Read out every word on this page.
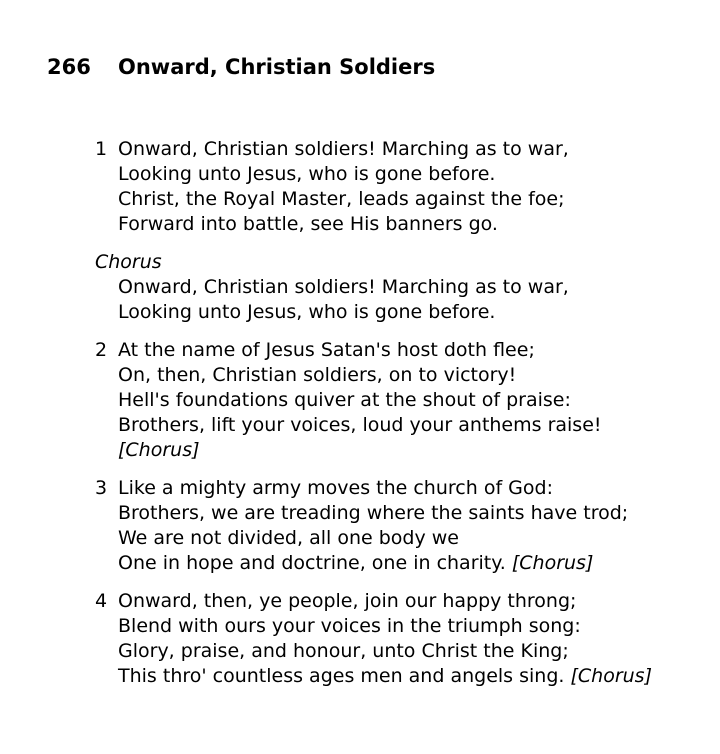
266 Onward, Christian Soldiers
1 Onward, Christian soldiers! Marching as to war,
Looking unto Jesus, who is gone before.
Christ, the Royal Master, leads against the foe;
Forward into battle, see His banners go.
Chorus
Onward, Christian soldiers! Marching as to war,
Looking unto Jesus, who is gone before.
2 At the name of Jesus Satan's host doth flee;
On, then, Christian soldiers, on to victory!
Hell's foundations quiver at the shout of praise:
Brothers, lift your voices, loud your anthems raise!
[Chorus]
3 Like a mighty army moves the church of God:
Brothers, we are treading where the saints have trod;
We are not divided, all one body we
One in hope and doctrine, one in charity. [Chorus]
4 Onward, then, ye people, join our happy throng;
Blend with ours your voices in the triumph song:
Glory, praise, and honour, unto Christ the King;
This thro' countless ages men and angels sing. [Chorus]
